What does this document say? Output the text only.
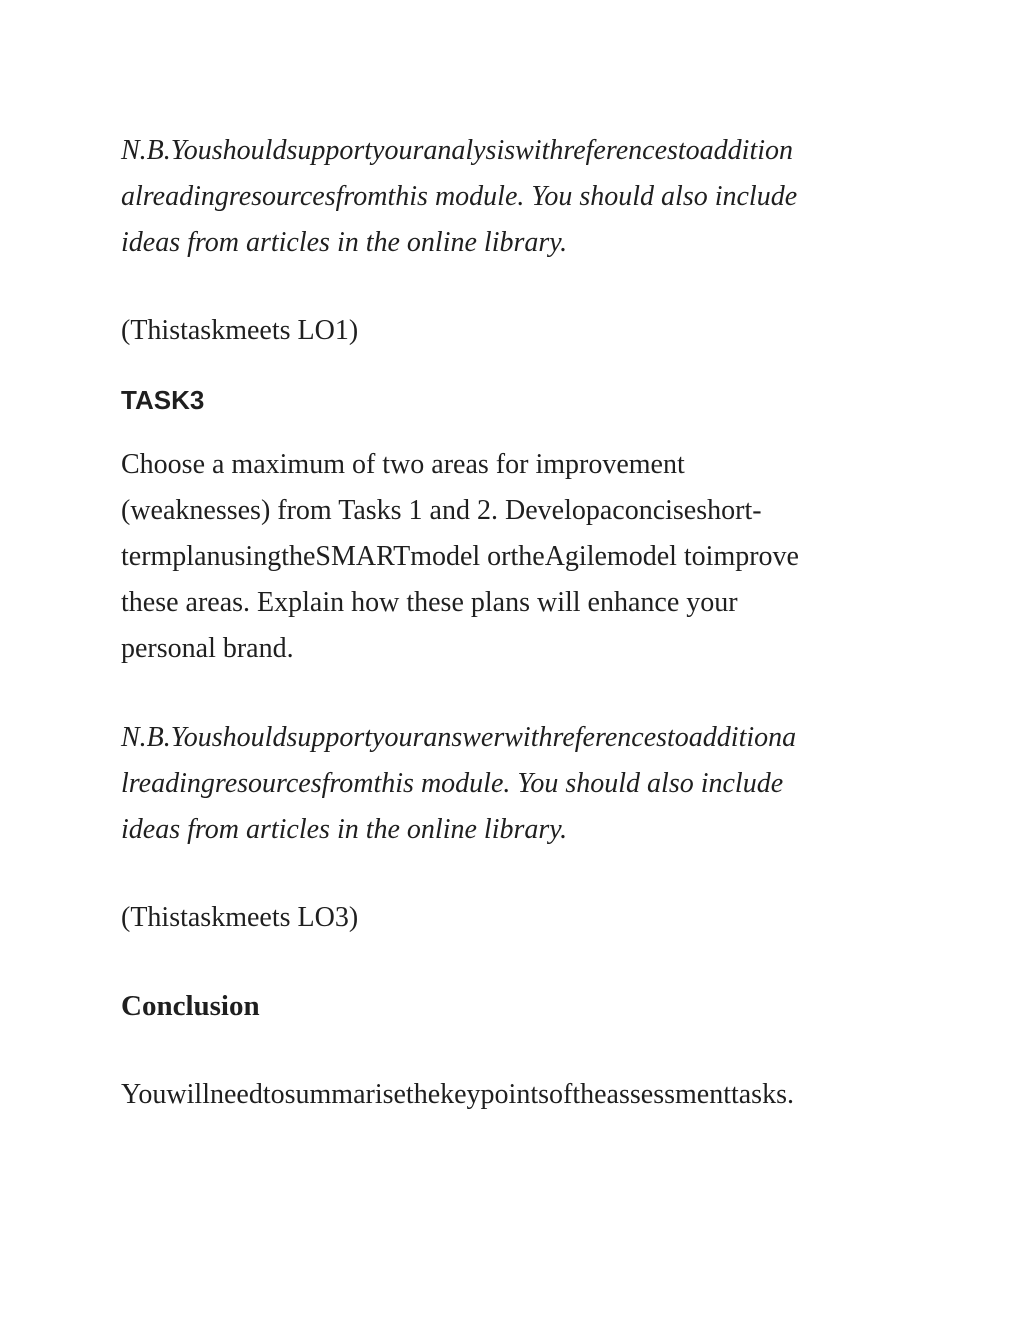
N.B.Youshouldsupportyouranalysiswithreferencestoaddition
alreadingresourcesfromthis module. You should also include
ideas from articles in the online library.

(Thistaskmeets LO1)

TASK3

Choose a maximum of two areas for improvement
(weaknesses) from Tasks 1 and 2. Developaconciseshort-
termplanusingtheSMARTmodel ortheAgilemodel toimprove
these areas. Explain how these plans will enhance your
personal brand.

N.B.Youshouldsupportyouranswerwithreferencestoadditiona
lreadingresourcesfromthis module. You should also include
ideas from articles in the online library.

(Thistaskmeets LO3)

Conclusion

Youwillneedtosummarisethekeypointsoftheassessmenttasks.
